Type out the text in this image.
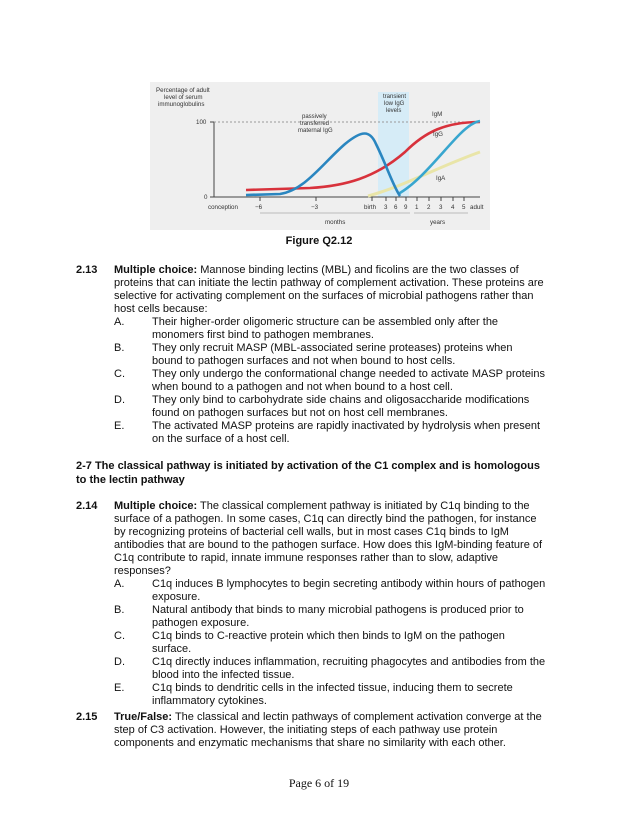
Percentage of adult
level of serum
immunoglobulins
100
0
transient
low IgG
levels
passively
transferred
maternal IgG
IgM
IgG
IgA
conception	−6	−3	birth 3 6 9 1 2 3 4 5 adult
months	years
Figure Q2.12
2.13 Multiple choice: Mannose binding lectins (MBL) and ficolins are the two classes of proteins that can initiate the lectin pathway of complement activation. These proteins are selective for activating complement on the surfaces of microbial pathogens rather than host cells because:
A.	Their higher-order oligomeric structure can be assembled only after the monomers first bind to pathogen membranes.
B.	They only recruit MASP (MBL-associated serine proteases) proteins when bound to pathogen surfaces and not when bound to host cells.
C. They only undergo the conformational change needed to activate MASP proteins when bound to a pathogen and not when bound to a host cell.
D. They only bind to carbohydrate side chains and oligosaccharide modifications found on pathogen surfaces but not on host cell membranes.
E.	The activated MASP proteins are rapidly inactivated by hydrolysis when present on the surface of a host cell.
2-7 The classical pathway is initiated by activation of the C1 complex and is homologous to the lectin pathway
2.14 Multiple choice: The classical complement pathway is initiated by C1q binding to the surface of a pathogen. In some cases, C1q can directly bind the pathogen, for instance by recognizing proteins of bacterial cell walls, but in most cases C1q binds to IgM antibodies that are bound to the pathogen surface. How does this IgM-binding feature of C1q contribute to rapid, innate immune responses rather than to slow, adaptive responses?
A.	C1q induces B lymphocytes to begin secreting antibody within hours of pathogen exposure.
B.	Natural antibody that binds to many microbial pathogens is produced prior to pathogen exposure.
C. C1q binds to C-reactive protein which then binds to IgM on the pathogen surface.
D. C1q directly induces inflammation, recruiting phagocytes and antibodies from the blood into the infected tissue.
E.	C1q binds to dendritic cells in the infected tissue, inducing them to secrete inflammatory cytokines.
2.15 True/False: The classical and lectin pathways of complement activation converge at the step of C3 activation. However, the initiating steps of each pathway use protein components and enzymatic mechanisms that share no similarity with each other.
Page 6 of 19
